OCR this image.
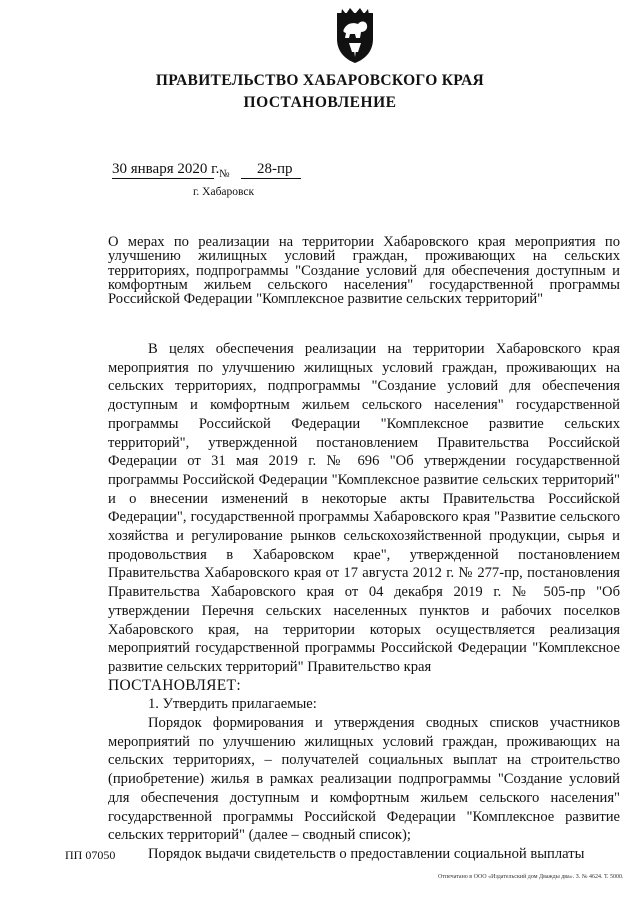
ПРАВИТЕЛЬСТВО ХАБАРОВСКОГО КРАЯ
ПОСТАНОВЛЕНИЕ
30 января 2020 г. №	28-пр
г. Хабаровск
О мерах по реализации на территории Хабаровского края мероприятия по улучшению жилищных условий граждан, проживающих на сельских территориях, подпрограммы "Создание условий для обеспечения доступным и комфортным жильем сельского населения" государственной программы Российской Федерации "Комплексное развитие сельских территорий"

В целях обеспечения реализации на территории Хабаровского края мероприятия по улучшению жилищных условий граждан, проживающих на сельских территориях, подпрограммы "Создание условий для обеспечения доступным и комфортным жильем сельского населения" государственной программы Российской Федерации "Комплексное развитие сельских территорий", утвержденной постановлением Правительства Российской Федерации от 31 мая 2019 г. № 696 "Об утверждении государственной программы Российской Федерации "Комплексное развитие сельских территорий" и о внесении изменений в некоторые акты Правительства Российской Федерации", государственной программы Хабаровского края "Развитие сельского хозяйства и регулирование рынков сельскохозяйственной продукции, сырья и продовольствия в Хабаровском крае", утвержденной постановлением Правительства Хабаровского края от 17 августа 2012 г. № 277-пр, постановления Правительства Хабаровского края от 04 декабря 2019 г. № 505-пр "Об утверждении Перечня сельских населенных пунктов и рабочих поселков Хабаровского края, на территории которых осуществляется реализация мероприятий государственной программы Российской Федерации "Комплексное развитие сельских территорий" Правительство края

ПОСТАНОВЛЯЕТ:

1. Утвердить прилагаемые:

Порядок формирования и утверждения сводных списков участников мероприятий по улучшению жилищных условий граждан, проживающих на сельских территориях, – получателей социальных выплат на строительство (приобретение) жилья в рамках реализации подпрограммы "Создание условий для обеспечения доступным и комфортным жильем сельского населения" государственной программы Российской Федерации "Комплексное развитие сельских территорий" (далее – сводный список);

Порядок выдачи свидетельств о предоставлении социальной выплаты

ПП 07050
Отпечатано в ООО «Издательский дом Дважды два». З. № 4624. Т. 5000.
